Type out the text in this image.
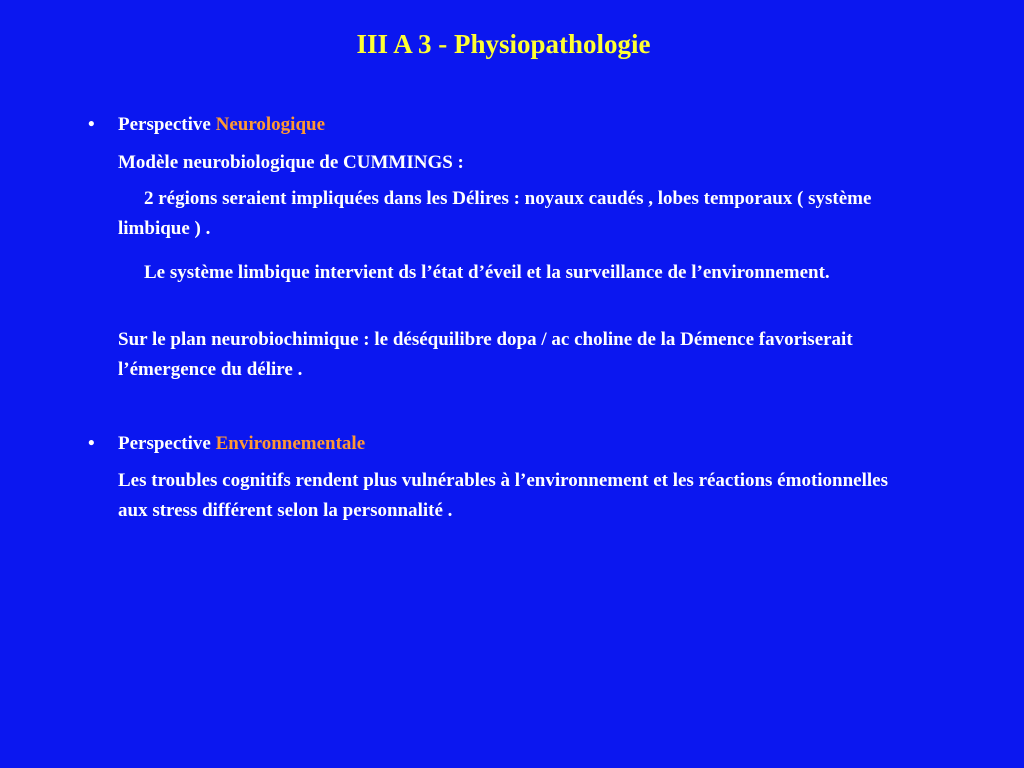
III A 3 - Physiopathologie
• Perspective Neurologique
Modèle neurobiologique de CUMMINGS :
2 régions seraient impliquées dans les Délires : noyaux caudés , lobes temporaux ( système limbique ) .
Le système limbique intervient ds l’état d’éveil et la surveillance de l’environnement.
Sur le plan neurobiochimique : le déséquilibre dopa / ac choline de la Démence favoriserait l’émergence du délire .
• Perspective Environnementale
Les troubles cognitifs rendent plus vulnérables à l’environnement et les réactions émotionnelles aux stress différent selon la personnalité .
